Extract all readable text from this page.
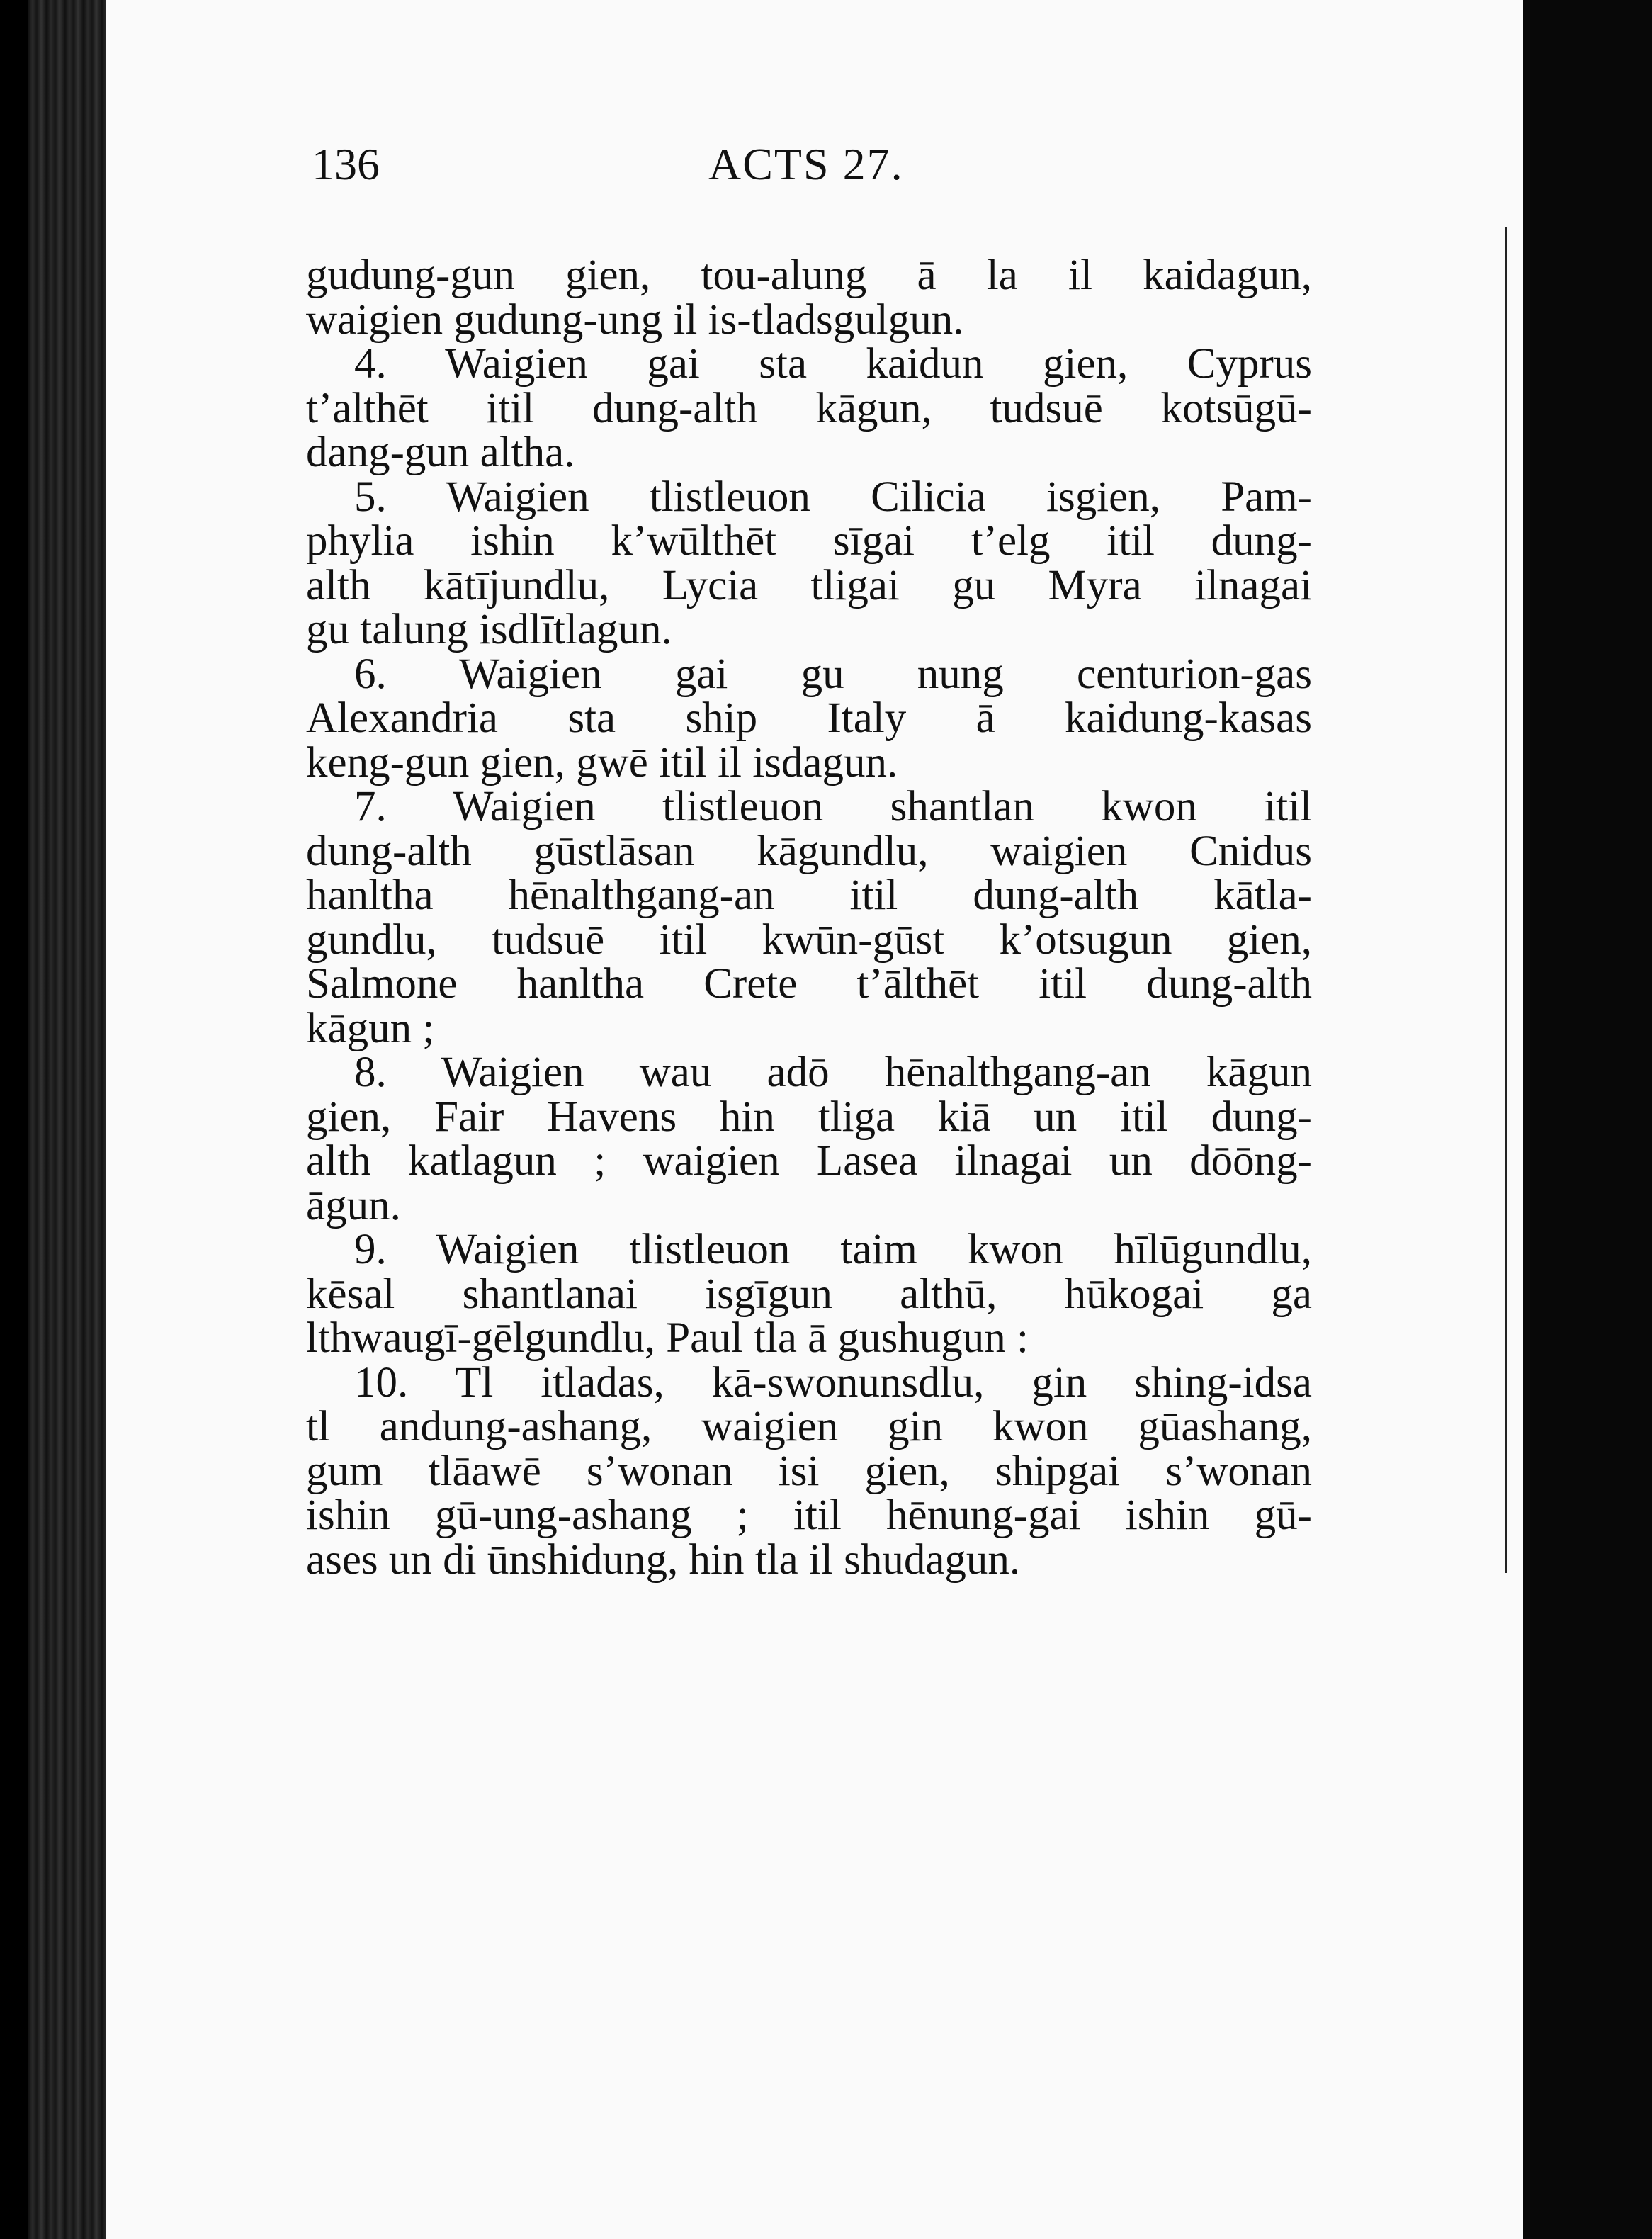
136	ACTS 27.
gudung-gun gien, tou-alung ā la il kaidagun,
waigien gudung-ung il is-tladsgulgun.
4. Waigien gai sta kaidun gien, Cyprus
t’althēt itil dung-alth kāgun, tudsuē kotsūgū-
dang-gun altha.
5. Waigien tlistleuon Cilicia isgien, Pam-
phylia ishin k’wūlthēt sīgai t’elg itil dung-
alth kātījundlu, Lycia tligai gu Myra ilnagai
gu talung isdlītlagun.
6. Waigien gai gu nung centurion-gas
Alexandria sta ship Italy ā kaidung-kasas
keng-gun gien, gwē itil il isdagun.
7. Waigien tlistleuon shantlan kwon itil
dung-alth gūstlāsan kāgundlu, waigien Cnidus
hanltha hēnalthgang-an itil dung-alth kātla-
gundlu, tudsuē itil kwūn-gūst k’otsugun gien,
Salmone hanltha Crete t’ālthēt itil dung-alth
kāgun ;
8. Waigien wau adō hēnalthgang-an kāgun
gien, Fair Havens hin tliga kiā un itil dung-
alth katlagun ; waigien Lasea ilnagai un dōōng-
āgun.
9. Waigien tlistleuon taim kwon hīlūgundlu,
kēsal shantlanai isgīgun althū, hūkogai ga
lthwaugī-gēlgundlu, Paul tla ā gushugun :
10. Tl itladas, kā-swonunsdlu, gin shing-idsa
tl andung-ashang, waigien gin kwon gūashang,
gum tlāawē s’wonan isi gien, shipgai s’wonan
ishin gū-ung-ashang ; itil hēnung-gai ishin gū-
ases un di ūnshidung, hin tla il shudagun.
